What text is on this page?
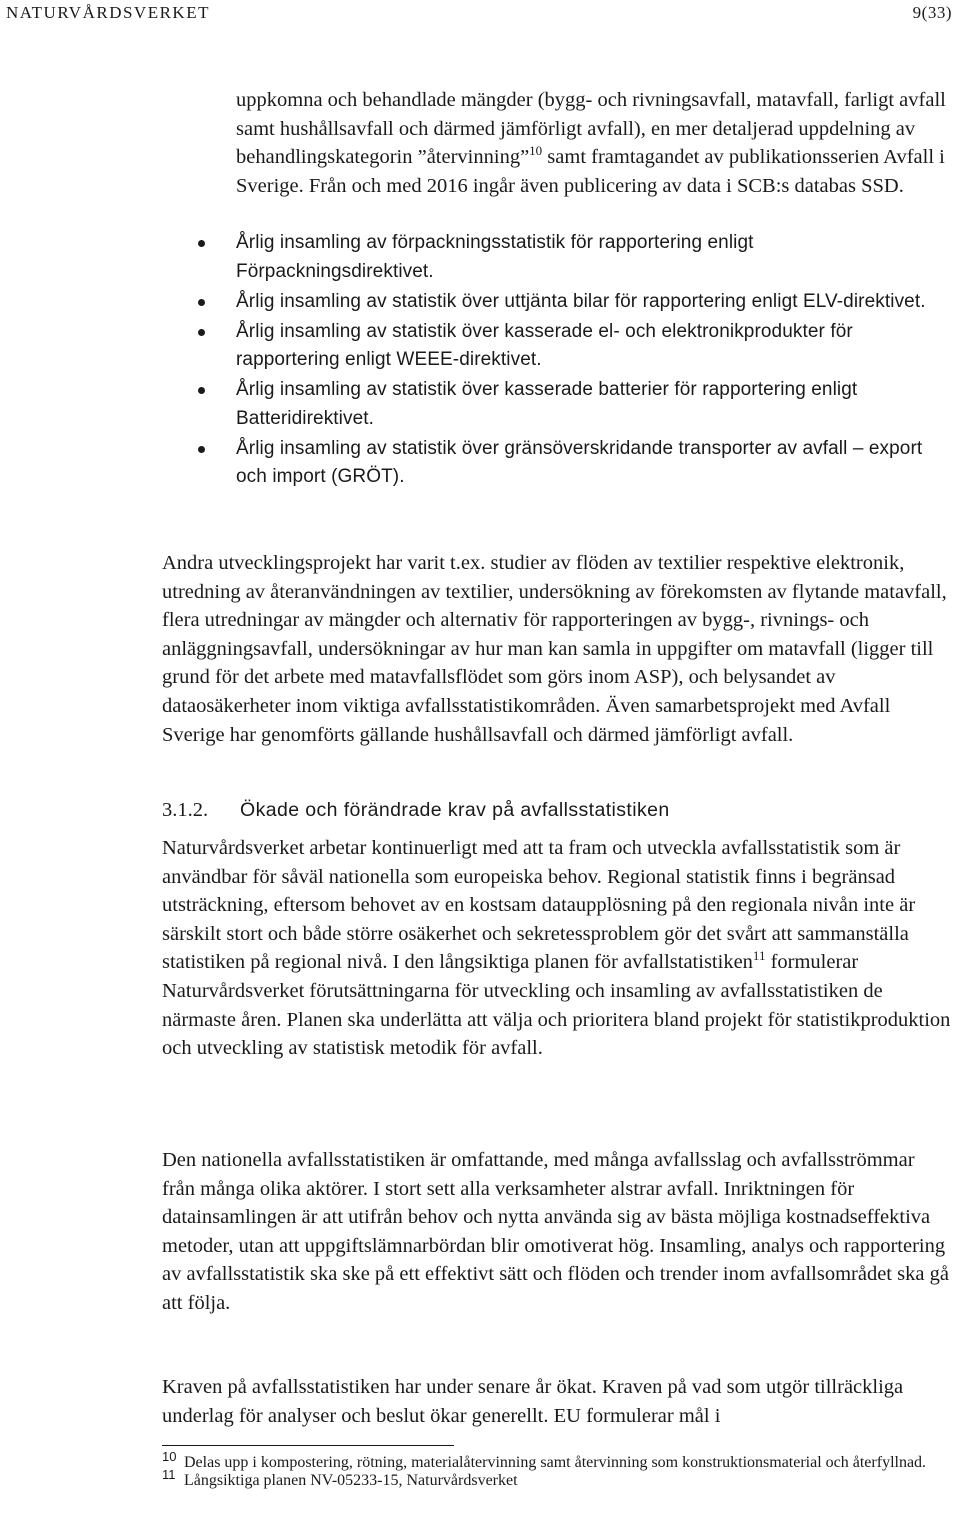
NATURVÅRDSVERKET	9(33)

uppkomna och behandlade mängder (bygg- och rivningsavfall, matavfall, farligt avfall samt hushållsavfall och därmed jämförligt avfall), en mer detaljerad uppdelning av behandlingskategorin ”återvinning”$^{10}$ samt framtagandet av publikationsserien Avfall i Sverige. Från och med 2016 ingår även publicering av data i SCB:s databas SSD.

Årlig insamling av förpackningsstatistik för rapportering enligt Förpackningsdirektivet.
Årlig insamling av statistik över uttjänta bilar för rapportering enligt ELV-direktivet.
Årlig insamling av statistik över kasserade el- och elektronikprodukter för rapportering enligt WEEE-direktivet.
Årlig insamling av statistik över kasserade batterier för rapportering enligt Batteridirektivet.
Årlig insamling av statistik över gränsöverskridande transporter av avfall – export och import (GRÖT).

Andra utvecklingsprojekt har varit t.ex. studier av flöden av textilier respektive elektronik, utredning av återanvändningen av textilier, undersökning av förekomsten av flytande matavfall, flera utredningar av mängder och alternativ för rapporteringen av bygg-, rivnings- och anläggningsavfall, undersökningar av hur man kan samla in uppgifter om matavfall (ligger till grund för det arbete med matavfallsflödet som görs inom ASP), och belysandet av dataosäkerheter inom viktiga avfallsstatistikområden. Även samarbetsprojekt med Avfall Sverige har genomförts gällande hushållsavfall och därmed jämförligt avfall.

3.1.2. Ökade och förändrade krav på avfallsstatistiken

Naturvårdsverket arbetar kontinuerligt med att ta fram och utveckla avfallsstatistik som är användbar för såväl nationella som europeiska behov. Regional statistik finns i begränsad utsträckning, eftersom behovet av en kostsam dataupplösning på den regionala nivån inte är särskilt stort och både större osäkerhet och sekretessproblem gör det svårt att sammanställa statistiken på regional nivå. I den långsiktiga planen för avfallstatistiken$^{11}$ formulerar Naturvårdsverket förutsättningarna för utveckling och insamling av avfallsstatistiken de närmaste åren. Planen ska underlätta att välja och prioritera bland projekt för statistikproduktion och utveckling av statistisk metodik för avfall.

Den nationella avfallsstatistiken är omfattande, med många avfallsslag och avfallsströmmar från många olika aktörer. I stort sett alla verksamheter alstrar avfall. Inriktningen för datainsamlingen är att utifrån behov och nytta använda sig av bästa möjliga kostnadseffektiva metoder, utan att uppgiftslämnarbördan blir omotiverat hög. Insamling, analys och rapportering av avfallsstatistik ska ske på ett effektivt sätt och flöden och trender inom avfallsområdet ska gå att följa.

Kraven på avfallsstatistiken har under senare år ökat. Kraven på vad som utgör tillräckliga underlag för analyser och beslut ökar generellt. EU formulerar mål i

10 Delas upp i kompostering, rötning, materialåtervinning samt återvinning som konstruktionsmaterial och återfyllnad.
11 Långsiktiga planen NV-05233-15, Naturvårdsverket
